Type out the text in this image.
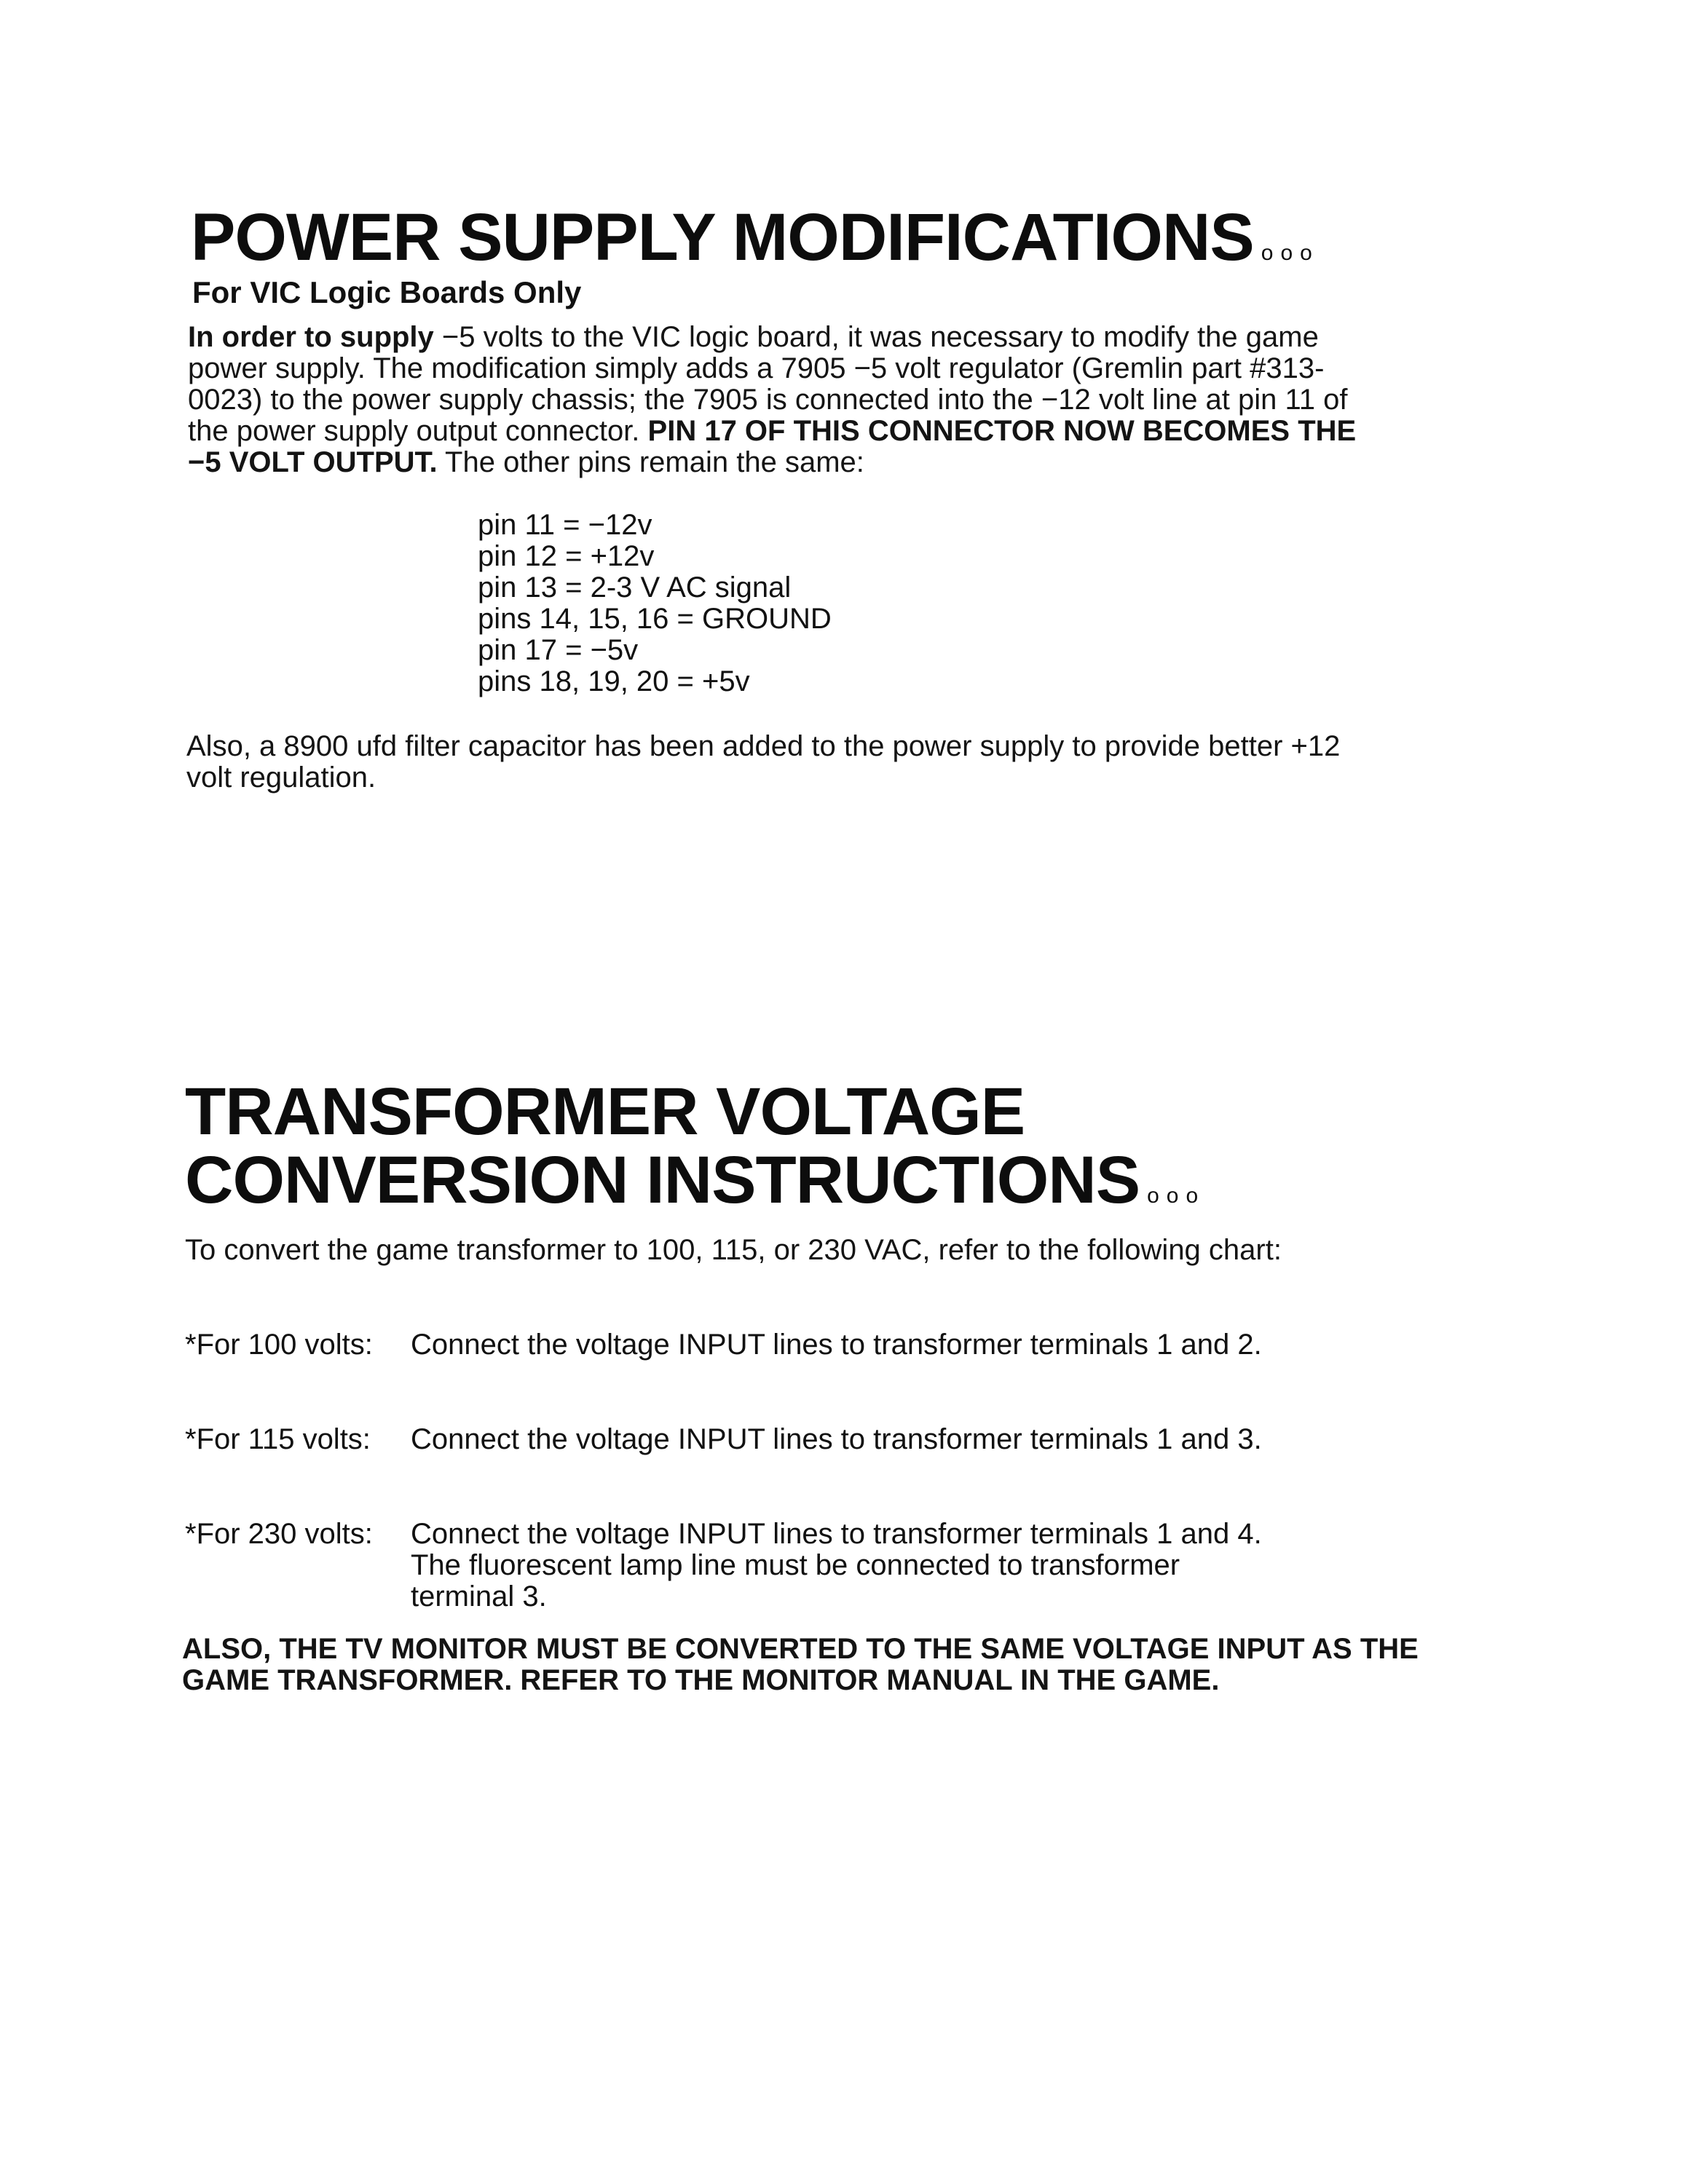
POWER SUPPLY MODIFICATIONS ooo
For VIC Logic Boards Only

In order to supply −5 volts to the VIC logic board, it was necessary to modify the game power supply. The modification simply adds a 7905 −5 volt regulator (Gremlin part #313-0023) to the power supply chassis; the 7905 is connected into the −12 volt line at pin 11 of the power supply output connector. PIN 17 OF THIS CONNECTOR NOW BECOMES THE −5 VOLT OUTPUT. The other pins remain the same:

pin 11 = −12v
pin 12 = +12v
pin 13 = 2-3 V AC signal
pins 14, 15, 16 = GROUND
pin 17 = −5v
pins 18, 19, 20 = +5v

Also, a 8900 ufd filter capacitor has been added to the power supply to provide better +12 volt regulation.

TRANSFORMER VOLTAGE
CONVERSION INSTRUCTIONS ooo

To convert the game transformer to 100, 115, or 230 VAC, refer to the following chart:

*For 100 volts:	Connect the voltage INPUT lines to transformer terminals 1 and 2.
*For 115 volts:	Connect the voltage INPUT lines to transformer terminals 1 and 3.
*For 230 volts:	Connect the voltage INPUT lines to transformer terminals 1 and 4. The fluorescent lamp line must be connected to transformer terminal 3.

ALSO, THE TV MONITOR MUST BE CONVERTED TO THE SAME VOLTAGE INPUT AS THE GAME TRANSFORMER. REFER TO THE MONITOR MANUAL IN THE GAME.
